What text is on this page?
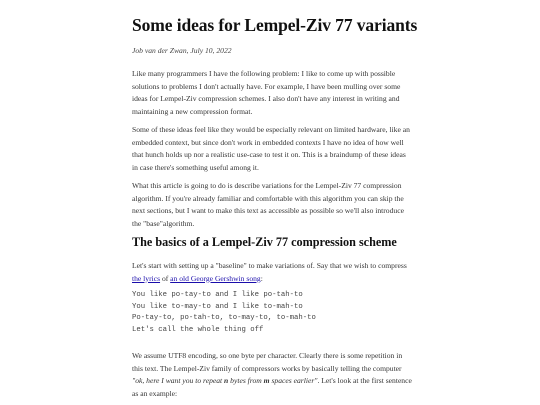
Some ideas for Lempel-Ziv 77 variants

Job van der Zwan, July 10, 2022

Like many programmers I have the following problem: I like to come up with possible solutions to problems I don't actually have. For example, I have been mulling over some ideas for Lempel-Ziv compression schemes. I also don't have any interest in writing and maintaining a new compression format.

Some of these ideas feel like they would be especially relevant on limited hardware, like an embedded context, but since don't work in embedded contexts I have no idea of how well that hunch holds up nor a realistic use-case to test it on. This is a braindump of these ideas in case there's something useful among it.

What this article is going to do is describe variations for the Lempel-Ziv 77 compression algorithm. If you're already familiar and comfortable with this algorithm you can skip the next sections, but I want to make this text as accessible as possible so we'll also introduce the "base"algorithm.

The basics of a Lempel-Ziv 77 compression scheme

Let's start with setting up a "baseline" to make variations of. Say that we wish to compress the lyrics of an old George Gershwin song:

You like po-tay-to and I like po-tah-to
You like to-may-to and I like to-mah-to
Po-tay-to, po-tah-to, to-may-to, to-mah-to
Let's call the whole thing off

We assume UTF8 encoding, so one byte per character. Clearly there is some repetition in this text. The Lempel-Ziv family of compressors works by basically telling the computer "ok, here I want you to repeat n bytes from m spaces earlier". Let's look at the first sentence as an example:
